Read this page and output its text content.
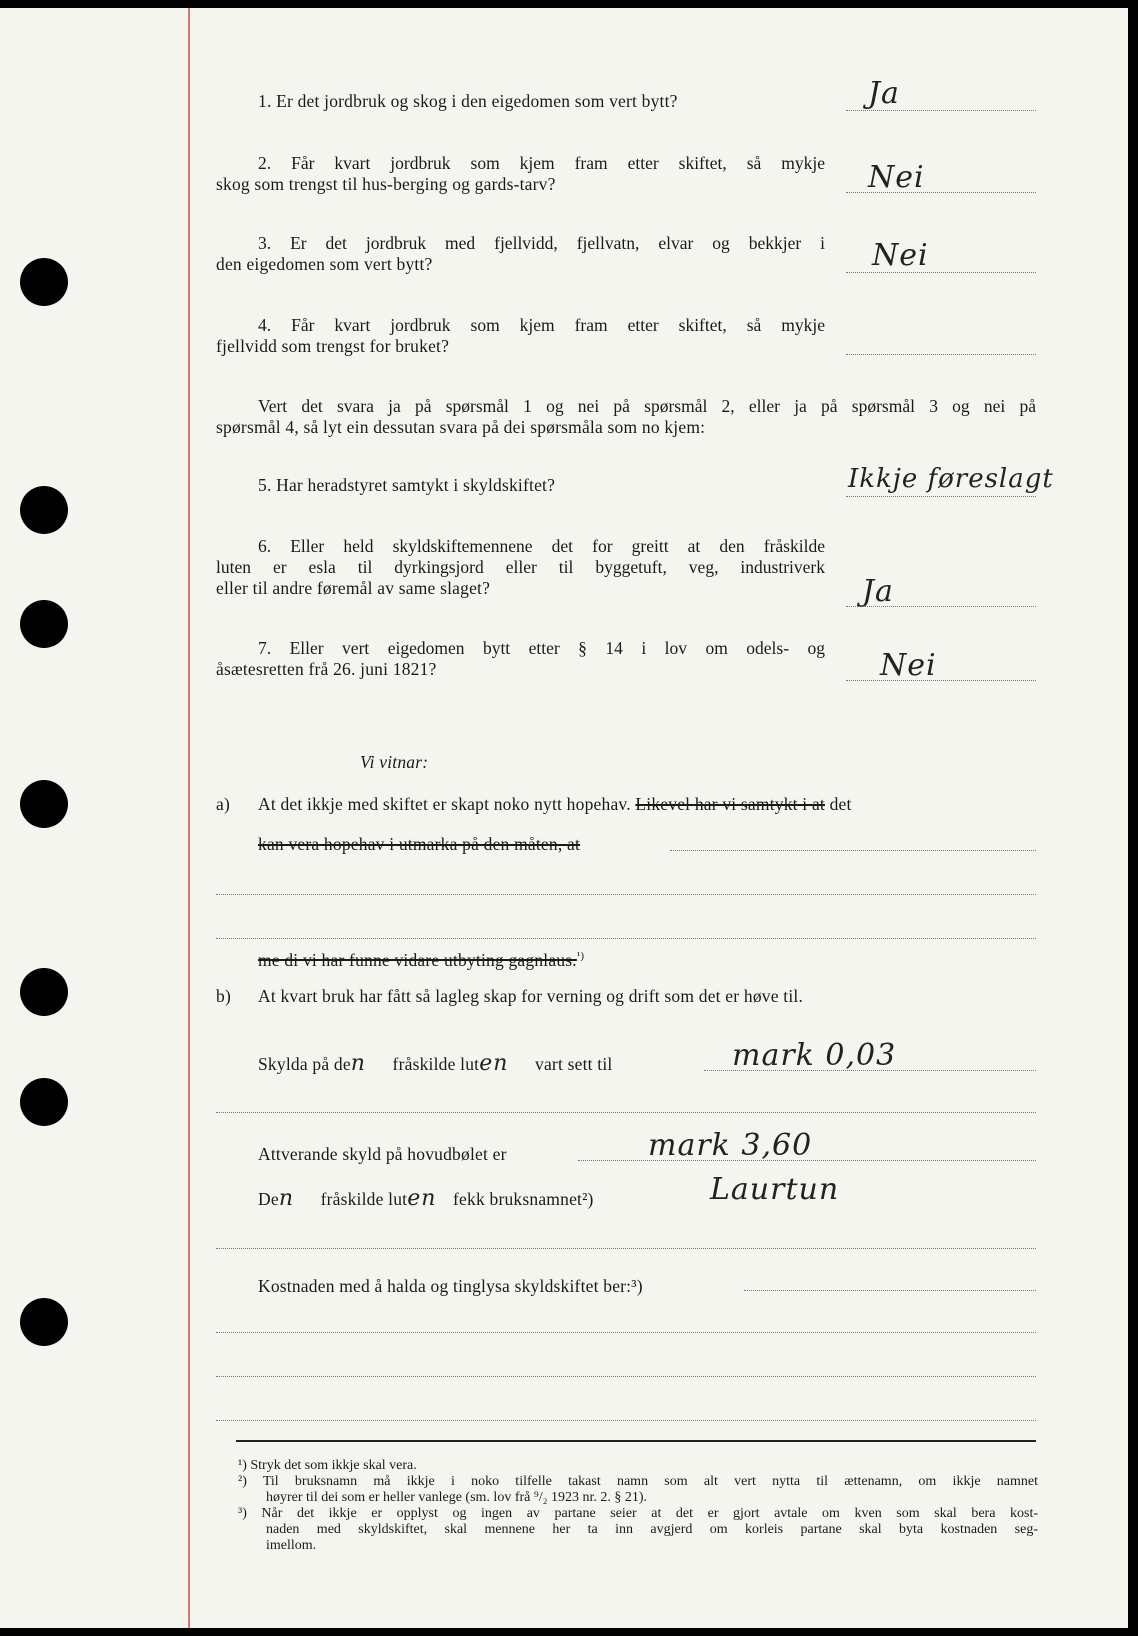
1. Er det jordbruk og skog i den eigedomen som vert bytt?	Ja
2. Får kvart jordbruk som kjem fram etter skiftet, så mykje
skog som trengst til hus-berging og gards-tarv?	Nei
3. Er det jordbruk med fjellvidd, fjellvatn, elvar og bekkjer i
den eigedomen som vert bytt?	Nei
4. Får kvart jordbruk som kjem fram etter skiftet, så mykje
fjellvidd som trengst for bruket?
Vert det svara ja på spørsmål 1 og nei på spørsmål 2, eller ja på spørsmål 3 og nei på
spørsmål 4, så lyt ein dessutan svara på dei spørsmåla som no kjem:
5. Har heradstyret samtykt i skyldskiftet?	Ikkje føreslagt
6. Eller held skyldskiftemennene det for greitt at den fråskilde
luten er esla til dyrkingsjord eller til byggetuft, veg, industriverk
eller til andre føremål av same slaget?	Ja
7. Eller vert eigedomen bytt etter § 14 i lov om odels- og
åsætesretten frå 26. juni 1821?	Nei
Vi vitnar:
a) At det ikkje med skiftet er skapt noko nytt hopehav. Likevel har vi samtykt i at det
kan vera hopehav i utmarka på den måten, at
me di vi har funne vidare utbyting gagnlaus.$^{^1)}$
b) At kvart bruk har fått så lagleg skap for verning og drift som det er høve til.
Skylda på den fråskilde luten vart sett til	mark 0,03
Attverande skyld på hovudbølet er	mark 3,60
Den fråskilde luten fekk bruksnamnet²)	Laurtun
Kostnaden med å halda og tinglysa skyldskiftet ber:³)
¹) Stryk det som ikkje skal vera.
²) Til bruksnamn må ikkje i noko tilfelle takast namn som alt vert nytta til ættenamn, om ikkje namnet
høyrer til dei som er heller vanlege (sm. lov frå ⁹/₂ 1923 nr. 2. § 21).
³) Når det ikkje er opplyst og ingen av partane seier at det er gjort avtale om kven som skal bera kost-
naden med skyldskiftet, skal mennene her ta inn avgjerd om korleis partane skal byta kostnaden seg-
imellom.
